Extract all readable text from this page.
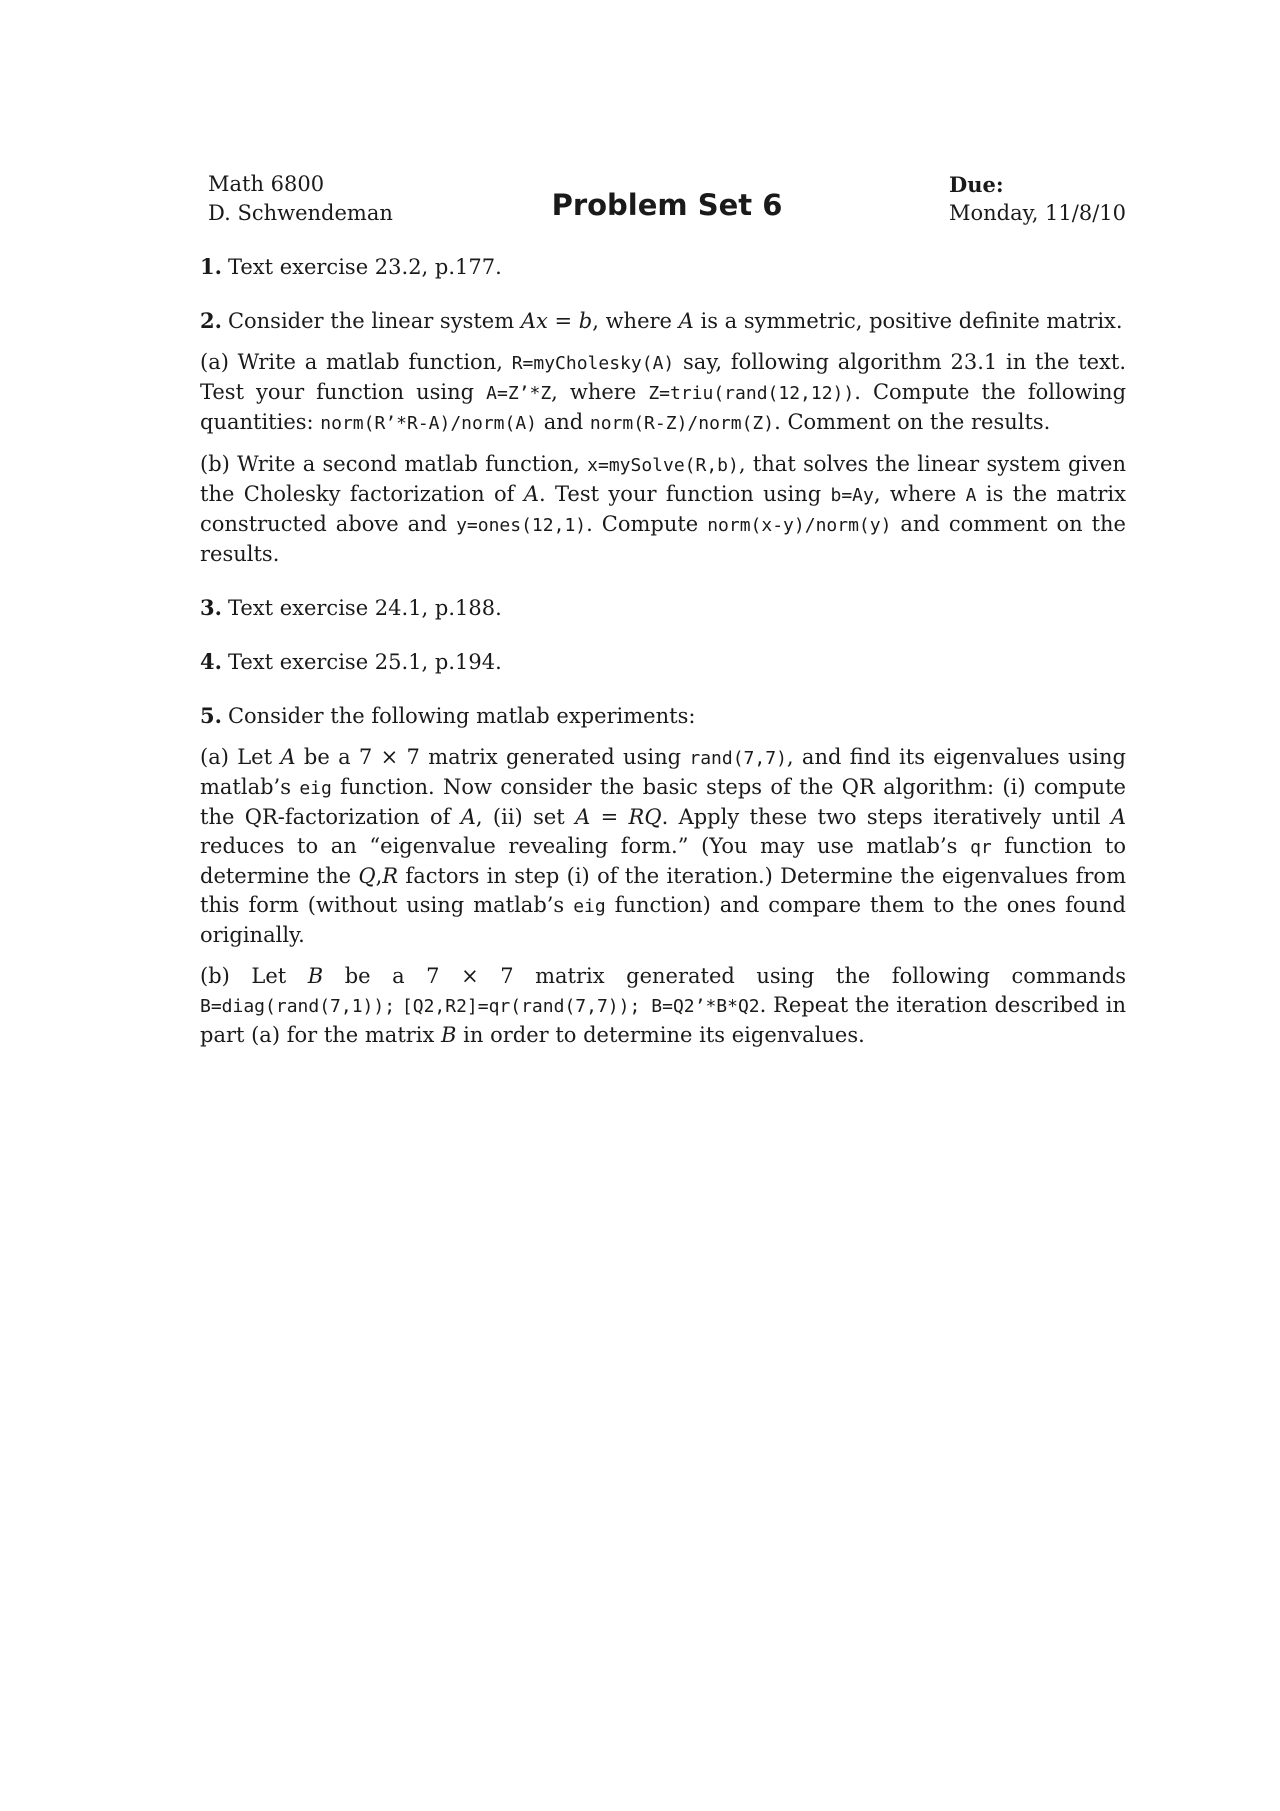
Math 6800
D. Schwendeman	Problem Set 6
Due:
Monday, 11/8/10

1. Text exercise 23.2, p.177.

2. Consider the linear system Ax = b, where A is a symmetric, positive definite matrix.

(a) Write a matlab function, R=myCholesky(A) say, following algorithm 23.1 in the text. Test your function using A=Z’*Z, where Z=triu(rand(12,12)). Compute the following quantities: norm(R’*R-A)/norm(A) and norm(R-Z)/norm(Z). Comment on the results.

(b) Write a second matlab function, x=mySolve(R,b), that solves the linear system given the Cholesky factorization of A. Test your function using b=Ay, where A is the matrix constructed above and y=ones(12,1). Compute norm(x-y)/norm(y) and comment on the results.

3. Text exercise 24.1, p.188.

4. Text exercise 25.1, p.194.

5. Consider the following matlab experiments:

(a) Let A be a 7 × 7 matrix generated using rand(7,7), and find its eigenvalues using matlab’s eig function. Now consider the basic steps of the QR algorithm: (i) compute the QR-factorization of A, (ii) set A = RQ. Apply these two steps iteratively until A reduces to an “eigenvalue revealing form.” (You may use matlab’s qr function to determine the Q,R factors in step (i) of the iteration.) Determine the eigenvalues from this form (without using matlab’s eig function) and compare them to the ones found originally.

(b) Let B be a 7 × 7 matrix generated using the following commands B=diag(rand(7,1)); [Q2,R2]=qr(rand(7,7)); B=Q2’*B*Q2. Repeat the iteration described in part (a) for the matrix B in order to determine its eigenvalues.
